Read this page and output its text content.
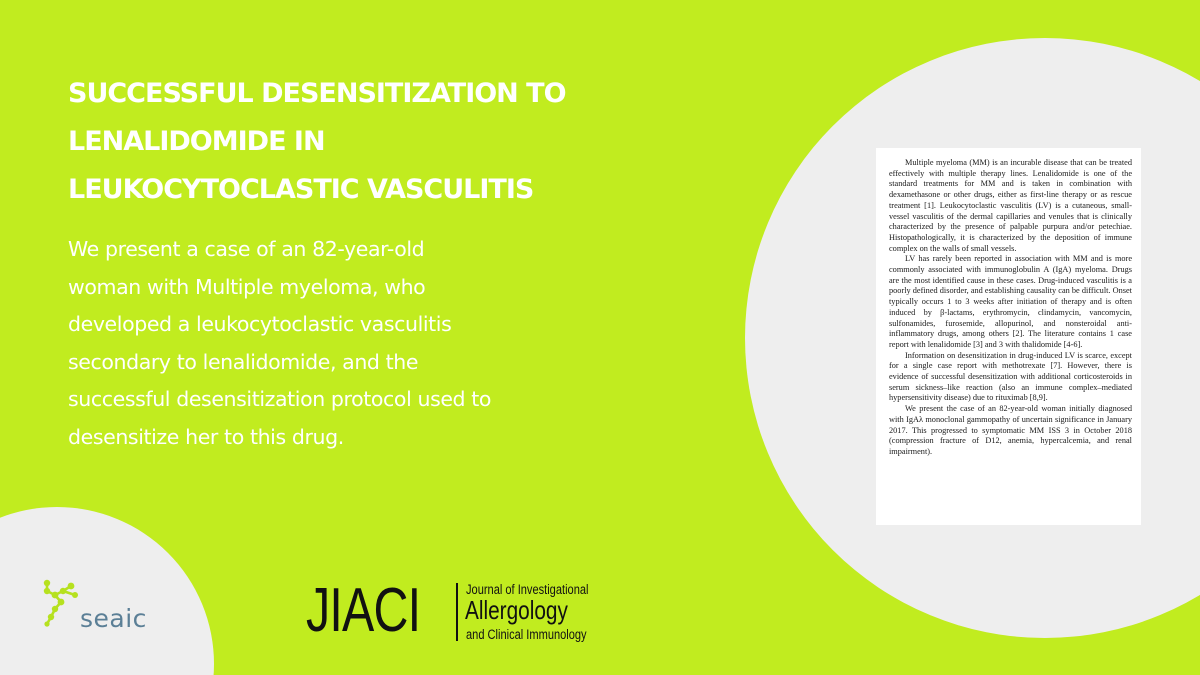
SUCCESSFUL DESENSITIZATION TO
LENALIDOMIDE IN
LEUKOCYTOCLASTIC VASCULITIS
We present a case of an 82-year-old
woman with Multiple myeloma, who
developed a leukocytoclastic vasculitis
secondary to lenalidomide, and the
successful desensitization protocol used to
desensitize her to this drug.

Multiple myeloma (MM) is an incurable disease that can be treated effectively with multiple therapy lines. Lenalidomide is one of the standard treatments for MM and is taken in combination with dexamethasone or other drugs, either as first-line therapy or as rescue treatment [1]. Leukocytoclastic vasculitis (LV) is a cutaneous, small-vessel vasculitis of the dermal capillaries and venules that is clinically characterized by the presence of palpable purpura and/or petechiae. Histopathologically, it is characterized by the deposition of immune complex on the walls of small vessels.

LV has rarely been reported in association with MM and is more commonly associated with immunoglobulin A (IgA) myeloma. Drugs are the most identified cause in these cases. Drug-induced vasculitis is a poorly defined disorder, and establishing causality can be difficult. Onset typically occurs 1 to 3 weeks after initiation of therapy and is often induced by β-lactams, erythromycin, clindamycin, vancomycin, sulfonamides, furosemide, allopurinol, and nonsteroidal anti-inflammatory drugs, among others [2]. The literature contains 1 case report with lenalidomide [3] and 3 with thalidomide [4-6].

Information on desensitization in drug-induced LV is scarce, except for a single case report with methotrexate [7]. However, there is evidence of successful desensitization with additional corticosteroids in serum sickness–like reaction (also an immune complex–mediated hypersensitivity disease) due to rituximab [8,9].

We present the case of an 82-year-old woman initially diagnosed with IgAλ monoclonal gammopathy of uncertain significance in January 2017. This progressed to symptomatic MM ISS 3 in October 2018 (compression fracture of D12, anemia, hypercalcemia, and renal impairment).

seaic	JIACI	Journal of Investigational
Allergology
and Clinical Immunology
